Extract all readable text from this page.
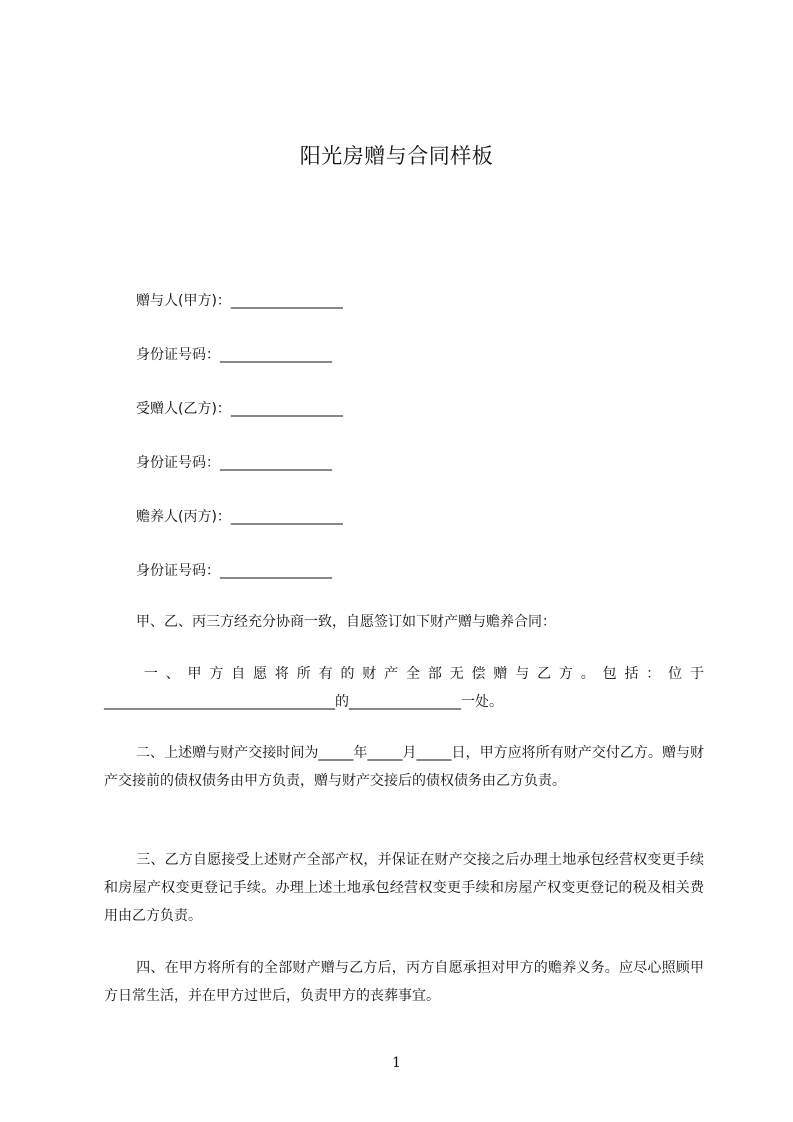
阳光房赠与合同样板
赠与人(甲方)：________________
身份证号码：________________
受赠人(乙方)：________________
身份证号码：________________
赡养人(丙方)：________________
身份证号码：________________
甲、乙、丙三方经充分协商一致，自愿签订如下财产赠与赡养合同：

一、甲方自愿将所有的财产全部无偿赠与乙方。包括：位于_________________________________的________________一处。

二、上述赠与财产交接时间为_____年_____月_____日，甲方应将所有财产交付乙方。赠与财产交接前的债权债务由甲方负责，赠与财产交接后的债权债务由乙方负责。

三、乙方自愿接受上述财产全部产权，并保证在财产交接之后办理土地承包经营权变更手续和房屋产权变更登记手续。办理上述土地承包经营权变更手续和房屋产权变更登记的税及相关费用由乙方负责。

四、在甲方将所有的全部财产赠与乙方后，丙方自愿承担对甲方的赡养义务。应尽心照顾甲方日常生活，并在甲方过世后，负责甲方的丧葬事宜。

1
